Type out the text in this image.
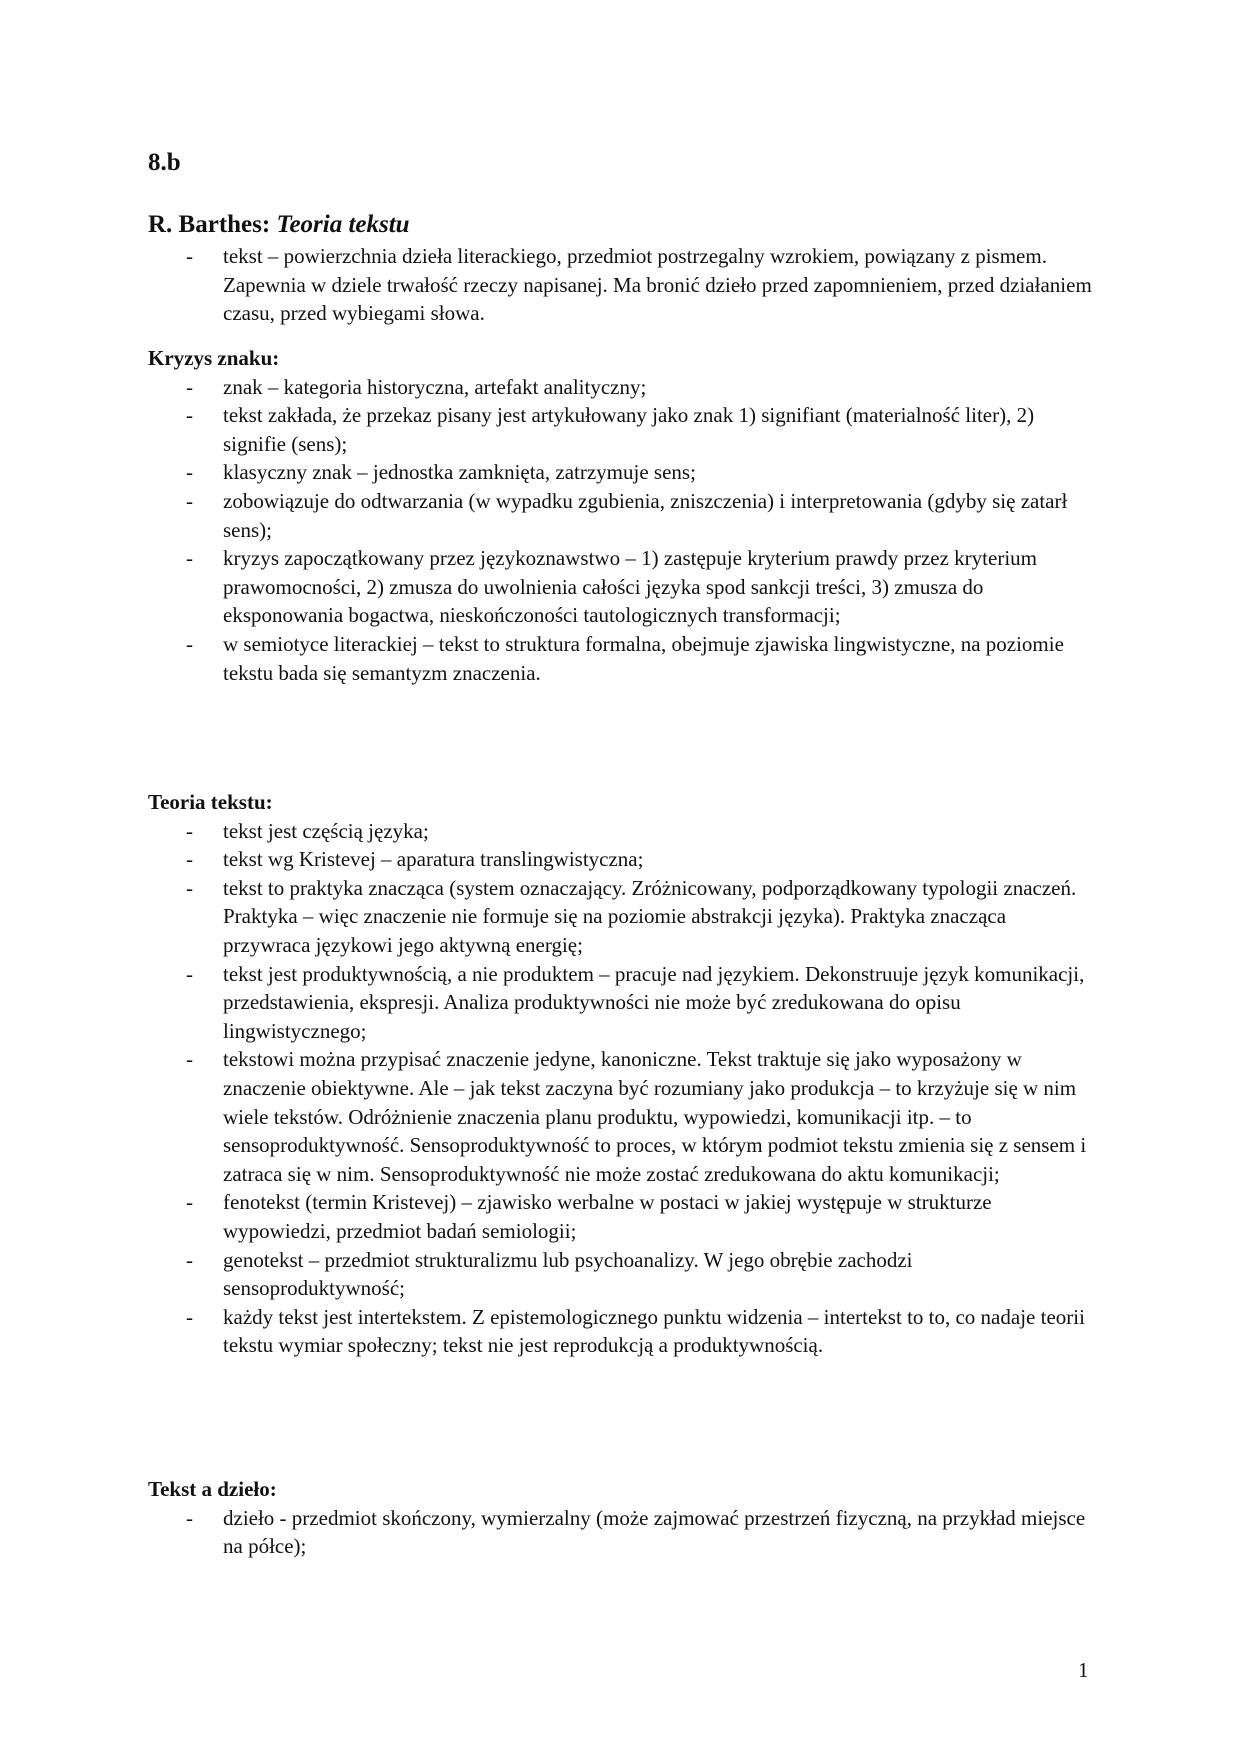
8.b
R. Barthes: Teoria tekstu
- tekst – powierzchnia dzieła literackiego, przedmiot postrzegalny wzrokiem, powiązany z pismem. Zapewnia w dziele trwałość rzeczy napisanej. Ma bronić dzieło przed zapomnieniem, przed działaniem czasu, przed wybiegami słowa.

Kryzys znaku:

- znak – kategoria historyczna, artefakt analityczny;
- tekst zakłada, że przekaz pisany jest artykułowany jako znak 1) signifiant (materialność liter), 2) signifie (sens);
- klasyczny znak – jednostka zamknięta, zatrzymuje sens;
- zobowiązuje do odtwarzania (w wypadku zgubienia, zniszczenia) i interpretowania (gdyby się zatarł sens);
- kryzys zapoczątkowany przez językoznawstwo – 1) zastępuje kryterium prawdy przez kryterium prawomocności, 2) zmusza do uwolnienia całości języka spod sankcji treści, 3) zmusza do eksponowania bogactwa, nieskończoności tautologicznych transformacji;
- w semiotyce literackiej – tekst to struktura formalna, obejmuje zjawiska lingwistyczne, na poziomie tekstu bada się semantyzm znaczenia.

Teoria tekstu:

- tekst jest częścią języka;
- tekst wg Kristevej – aparatura translingwistyczna;
- tekst to praktyka znacząca (system oznaczający. Zróżnicowany, podporządkowany typologii znaczeń. Praktyka – więc znaczenie nie formuje się na poziomie abstrakcji języka). Praktyka znacząca przywraca językowi jego aktywną energię;
- tekst jest produktywnością, a nie produktem – pracuje nad językiem. Dekonstruuje język komunikacji, przedstawienia, ekspresji. Analiza produktywności nie może być zredukowana do opisu lingwistycznego;
- tekstowi można przypisać znaczenie jedyne, kanoniczne. Tekst traktuje się jako wyposażony w znaczenie obiektywne. Ale – jak tekst zaczyna być rozumiany jako produkcja – to krzyżuje się w nim wiele tekstów. Odróżnienie znaczenia planu produktu, wypowiedzi, komunikacji itp. – to sensoproduktywność. Sensoproduktywność to proces, w którym podmiot tekstu zmienia się z sensem i zatraca się w nim. Sensoproduktywność nie może zostać zredukowana do aktu komunikacji;
- fenotekst (termin Kristevej) – zjawisko werbalne w postaci w jakiej występuje w strukturze wypowiedzi, przedmiot badań semiologii;
- genotekst – przedmiot strukturalizmu lub psychoanalizy. W jego obrębie zachodzi sensoproduktywność;
- każdy tekst jest intertekstem. Z epistemologicznego punktu widzenia – intertekst to to, co nadaje teorii tekstu wymiar społeczny; tekst nie jest reprodukcją a produktywnością.

Tekst a dzieło:

- dzieło - przedmiot skończony, wymierzalny (może zajmować przestrzeń fizyczną, na przykład miejsce na półce);
1
